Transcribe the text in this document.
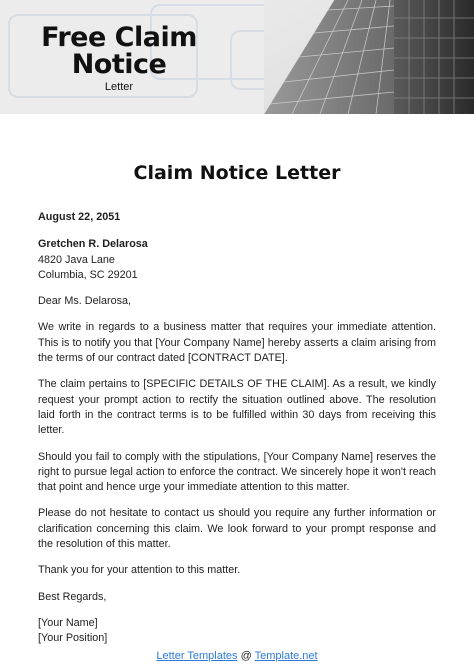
Free Claim
Notice
Letter
Claim Notice Letter
August 22, 2051
Gretchen R. Delarosa
4820 Java Lane
Columbia, SC 29201

Dear Ms. Delarosa,

We write in regards to a business matter that requires your immediate attention. This is to notify you that [Your Company Name] hereby asserts a claim arising from the terms of our contract dated [CONTRACT DATE].

The claim pertains to [SPECIFIC DETAILS OF THE CLAIM]. As a result, we kindly request your prompt action to rectify the situation outlined above. The resolution laid forth in the contract terms is to be fulfilled within 30 days from receiving this letter.

Should you fail to comply with the stipulations, [Your Company Name] reserves the right to pursue legal action to enforce the contract. We sincerely hope it won't reach that point and hence urge your immediate attention to this matter.

Please do not hesitate to contact us should you require any further information or clarification concerning this claim. We look forward to your prompt response and the resolution of this matter.

Thank you for your attention to this matter.

Best Regards,

[Your Name]
[Your Position]
Letter Templates @ Template.net
